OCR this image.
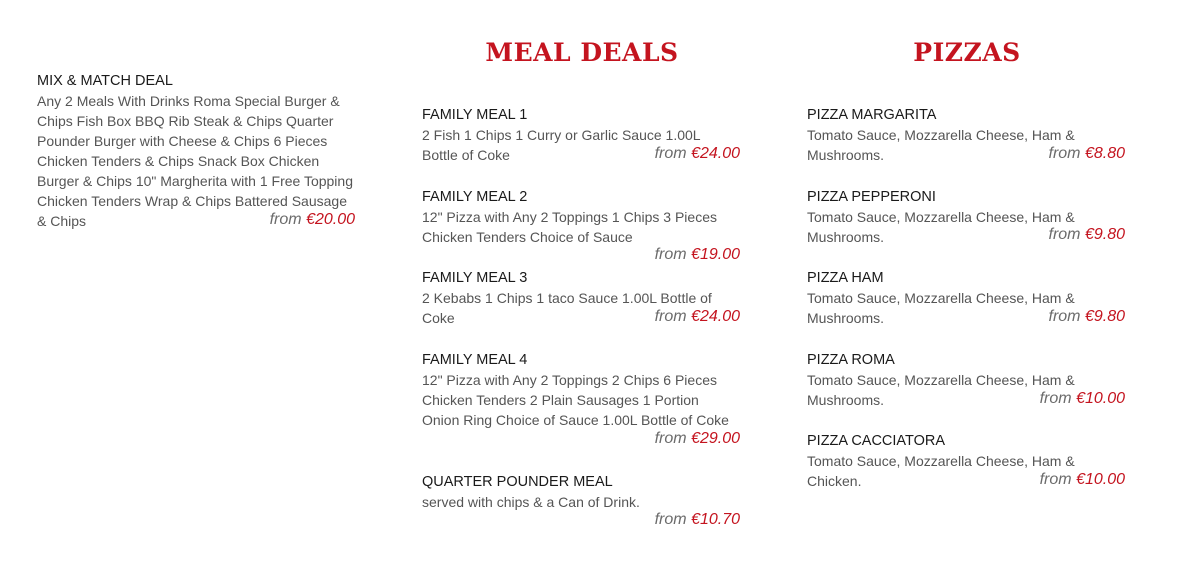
MIX & MATCH DEAL
Any 2 Meals With Drinks Roma Special Burger & Chips Fish Box BBQ Rib Steak & Chips Quarter Pounder Burger with Cheese & Chips 6 Pieces Chicken Tenders & Chips Snack Box Chicken Burger & Chips 10" Margherita with 1 Free Topping Chicken Tenders Wrap & Chips Battered Sausage & Chips	from €20.00
MEAL DEALS
FAMILY MEAL 1
2 Fish 1 Chips 1 Curry or Garlic Sauce 1.00L Bottle of Coke	from €24.00
FAMILY MEAL 2
12" Pizza with Any 2 Toppings 1 Chips 3 Pieces Chicken Tenders Choice of Sauce
from €19.00
FAMILY MEAL 3
2 Kebabs 1 Chips 1 taco Sauce 1.00L Bottle of Coke	from €24.00
FAMILY MEAL 4
12" Pizza with Any 2 Toppings 2 Chips 6 Pieces Chicken Tenders 2 Plain Sausages 1 Portion Onion Ring Choice of Sauce 1.00L Bottle of Coke
from €29.00
QUARTER POUNDER MEAL
served with chips & a Can of Drink.
from €10.70
PIZZAS
PIZZA MARGARITA
Tomato Sauce, Mozzarella Cheese, Ham & Mushrooms.	from €8.80
PIZZA PEPPERONI
Tomato Sauce, Mozzarella Cheese, Ham & Mushrooms.	from €9.80
PIZZA HAM
Tomato Sauce, Mozzarella Cheese, Ham & Mushrooms.	from €9.80
PIZZA ROMA
Tomato Sauce, Mozzarella Cheese, Ham & Mushrooms.	from €10.00
PIZZA CACCIATORA
Tomato Sauce, Mozzarella Cheese, Ham & Chicken.	from €10.00
